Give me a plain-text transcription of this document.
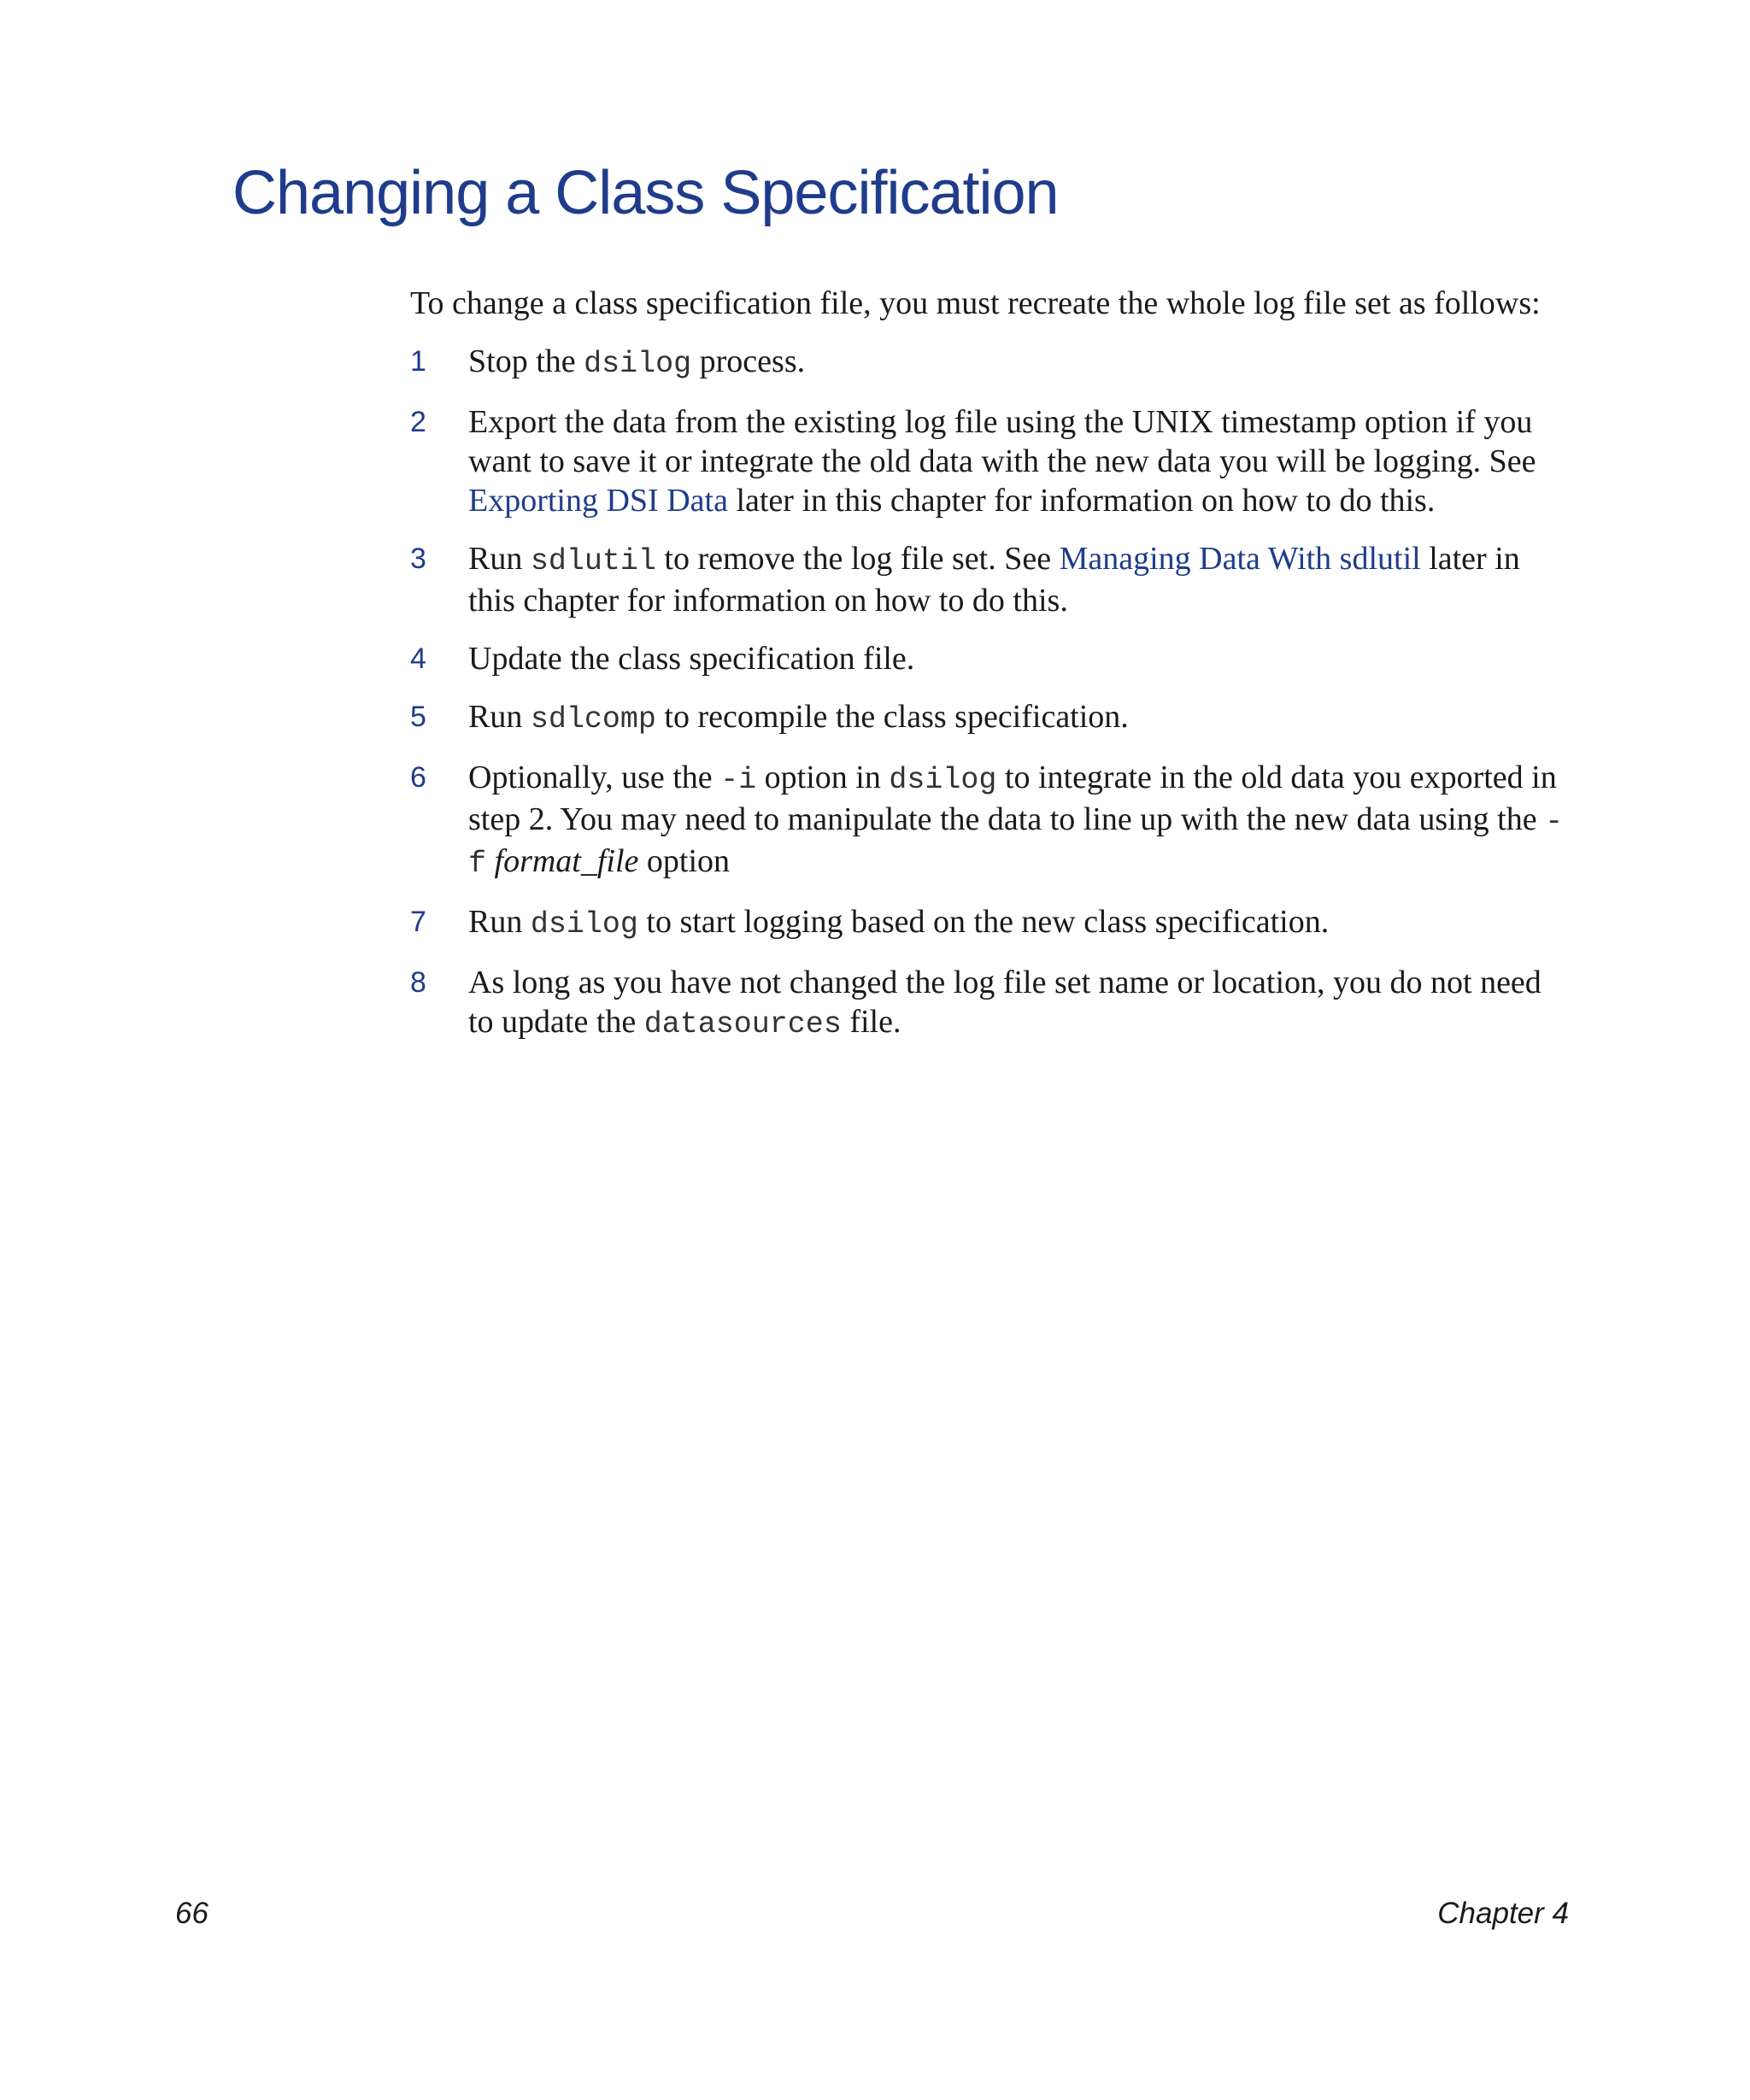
Changing a Class Specification

To change a class specification file, you must recreate the whole log file set as follows:

1 Stop the dsilog process.
2 Export the data from the existing log file using the UNIX timestamp option if you want to save it or integrate the old data with the new data you will be logging. See Exporting DSI Data later in this chapter for information on how to do this.
3 Run sdlutil to remove the log file set. See Managing Data With sdlutil later in this chapter for information on how to do this.
4 Update the class specification file.
5 Run sdlcomp to recompile the class specification.
6 Optionally, use the -i option in dsilog to integrate in the old data you exported in step 2. You may need to manipulate the data to line up with the new data using the -f format_file option
7 Run dsilog to start logging based on the new class specification.
8 As long as you have not changed the log file set name or location, you do not need to update the datasources file.
66	Chapter 4
